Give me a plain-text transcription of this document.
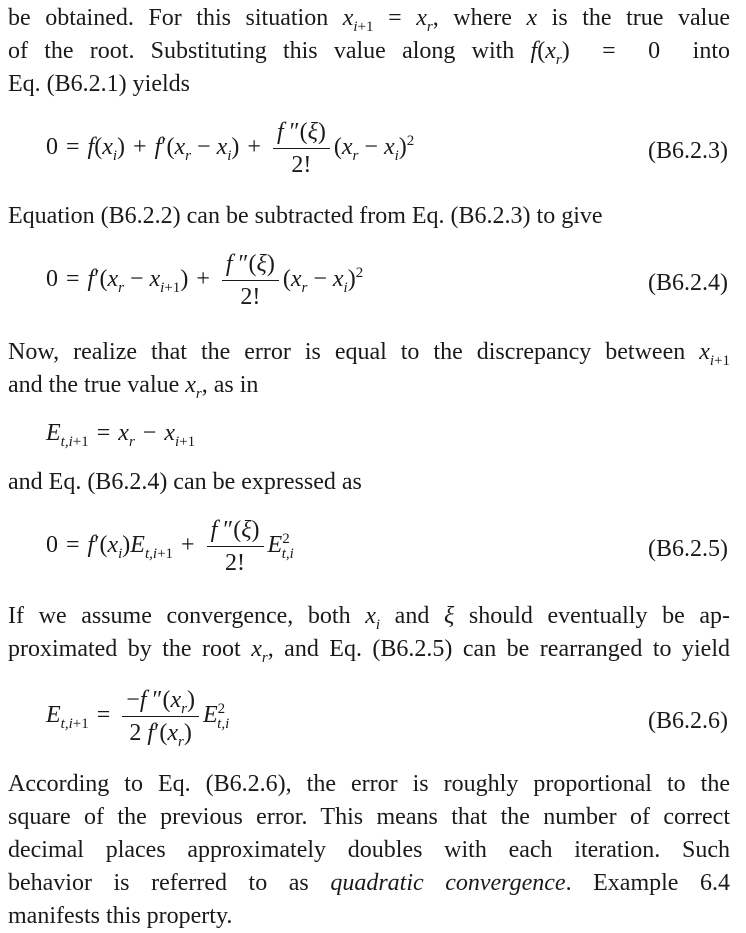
be obtained. For this situation $x_{i+1} = x_r$, where x is the true value
of the root. Substituting this value along with $f(x_r) = 0$  into
Eq. (B6.2.1) yields
$0 = f(x_i) + f'(x_r - x_i) + \frac{f ''(\xi)}{2!} (x_r - x_i)^2$	(B6.2.3)
Equation (B6.2.2) can be subtracted from Eq. (B6.2.3) to give
$0 = f'(x_r - x_{i+1}) + \frac{f ''(\xi)}{2!} (x_r - x_i)^2$	(B6.2.4)
Now, realize that the error is equal to the discrepancy between $x_{i+1}$
and the true value $x_r$, as in
$E_{t,i+1} = x_r - x_{i+1}$
and Eq. (B6.2.4) can be expressed as
$0 = f'(x_i)E_{t,i+1} + \frac{f ''(\xi)}{2!} E^2_{t,i}$	(B6.2.5)
If we assume convergence, both $x_i$ and ξ should eventually be ap-
proximated by the root $x_r$, and Eq. (B6.2.5) can be rearranged to yield
$E_{t,i+1} = \frac{-f ''(x_r)}{2 f'(x_r)} E^2_{t,i}$	(B6.2.6)
According to Eq. (B6.2.6), the error is roughly proportional to the
square of the previous error. This means that the number of correct
decimal places approximately doubles with each iteration. Such
behavior is referred to as quadratic convergence. Example 6.4
manifests this property.
